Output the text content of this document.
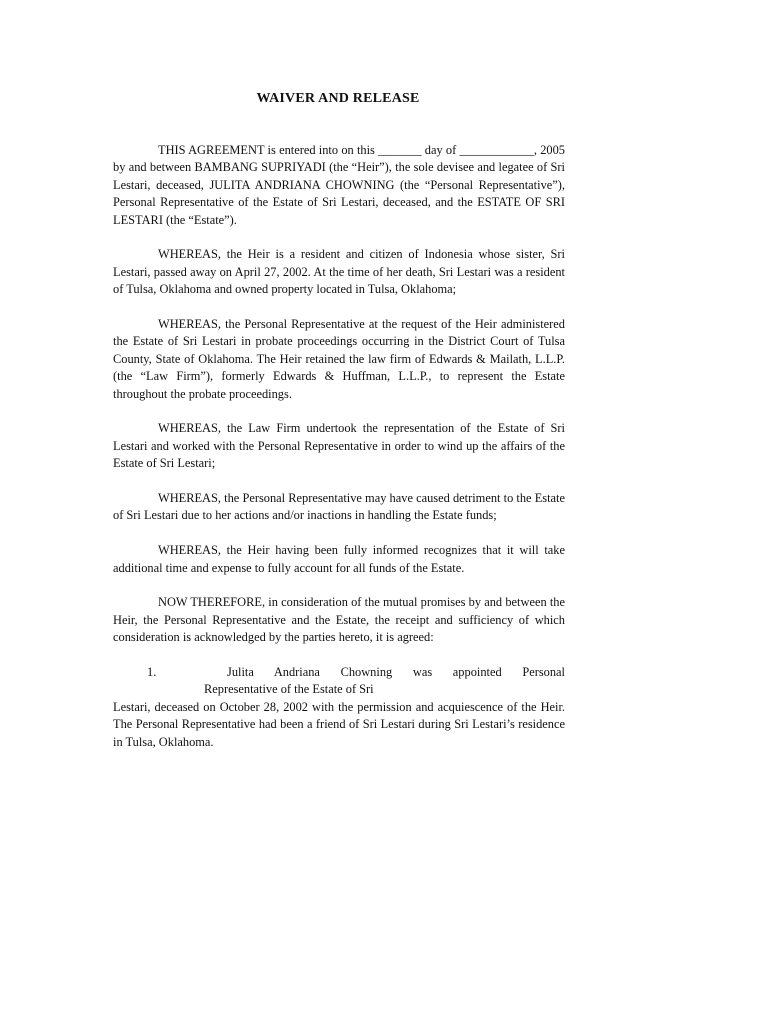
WAIVER AND RELEASE

THIS AGREEMENT is entered into on this _______ day of ____________, 2005 by and between BAMBANG SUPRIYADI (the “Heir”), the sole devisee and legatee of Sri Lestari, deceased, JULITA ANDRIANA CHOWNING (the “Personal Representative”), Personal Representative of the Estate of Sri Lestari, deceased, and the ESTATE OF SRI LESTARI (the “Estate”).

WHEREAS, the Heir is a resident and citizen of Indonesia whose sister, Sri Lestari, passed away on April 27, 2002. At the time of her death, Sri Lestari was a resident of Tulsa, Oklahoma and owned property located in Tulsa, Oklahoma;

WHEREAS, the Personal Representative at the request of the Heir administered the Estate of Sri Lestari in probate proceedings occurring in the District Court of Tulsa County, State of Oklahoma. The Heir retained the law firm of Edwards & Mailath, L.L.P. (the “Law Firm”), formerly Edwards & Huffman, L.L.P., to represent the Estate throughout the probate proceedings.

WHEREAS, the Law Firm undertook the representation of the Estate of Sri Lestari and worked with the Personal Representative in order to wind up the affairs of the Estate of Sri Lestari;

WHEREAS, the Personal Representative may have caused detriment to the Estate of Sri Lestari due to her actions and/or inactions in handling the Estate funds;

WHEREAS, the Heir having been fully informed recognizes that it will take additional time and expense to fully account for all funds of the Estate.

NOW THEREFORE, in consideration of the mutual promises by and between the Heir, the Personal Representative and the Estate, the receipt and sufficiency of which consideration is acknowledged by the parties hereto, it is agreed:

1.	Julita Andriana Chowning was appointed Personal
Representative of the Estate of Sri
Lestari, deceased on October 28, 2002 with the permission and acquiescence of the Heir. The Personal Representative had been a friend of Sri Lestari during Sri Lestari’s residence in Tulsa, Oklahoma.
